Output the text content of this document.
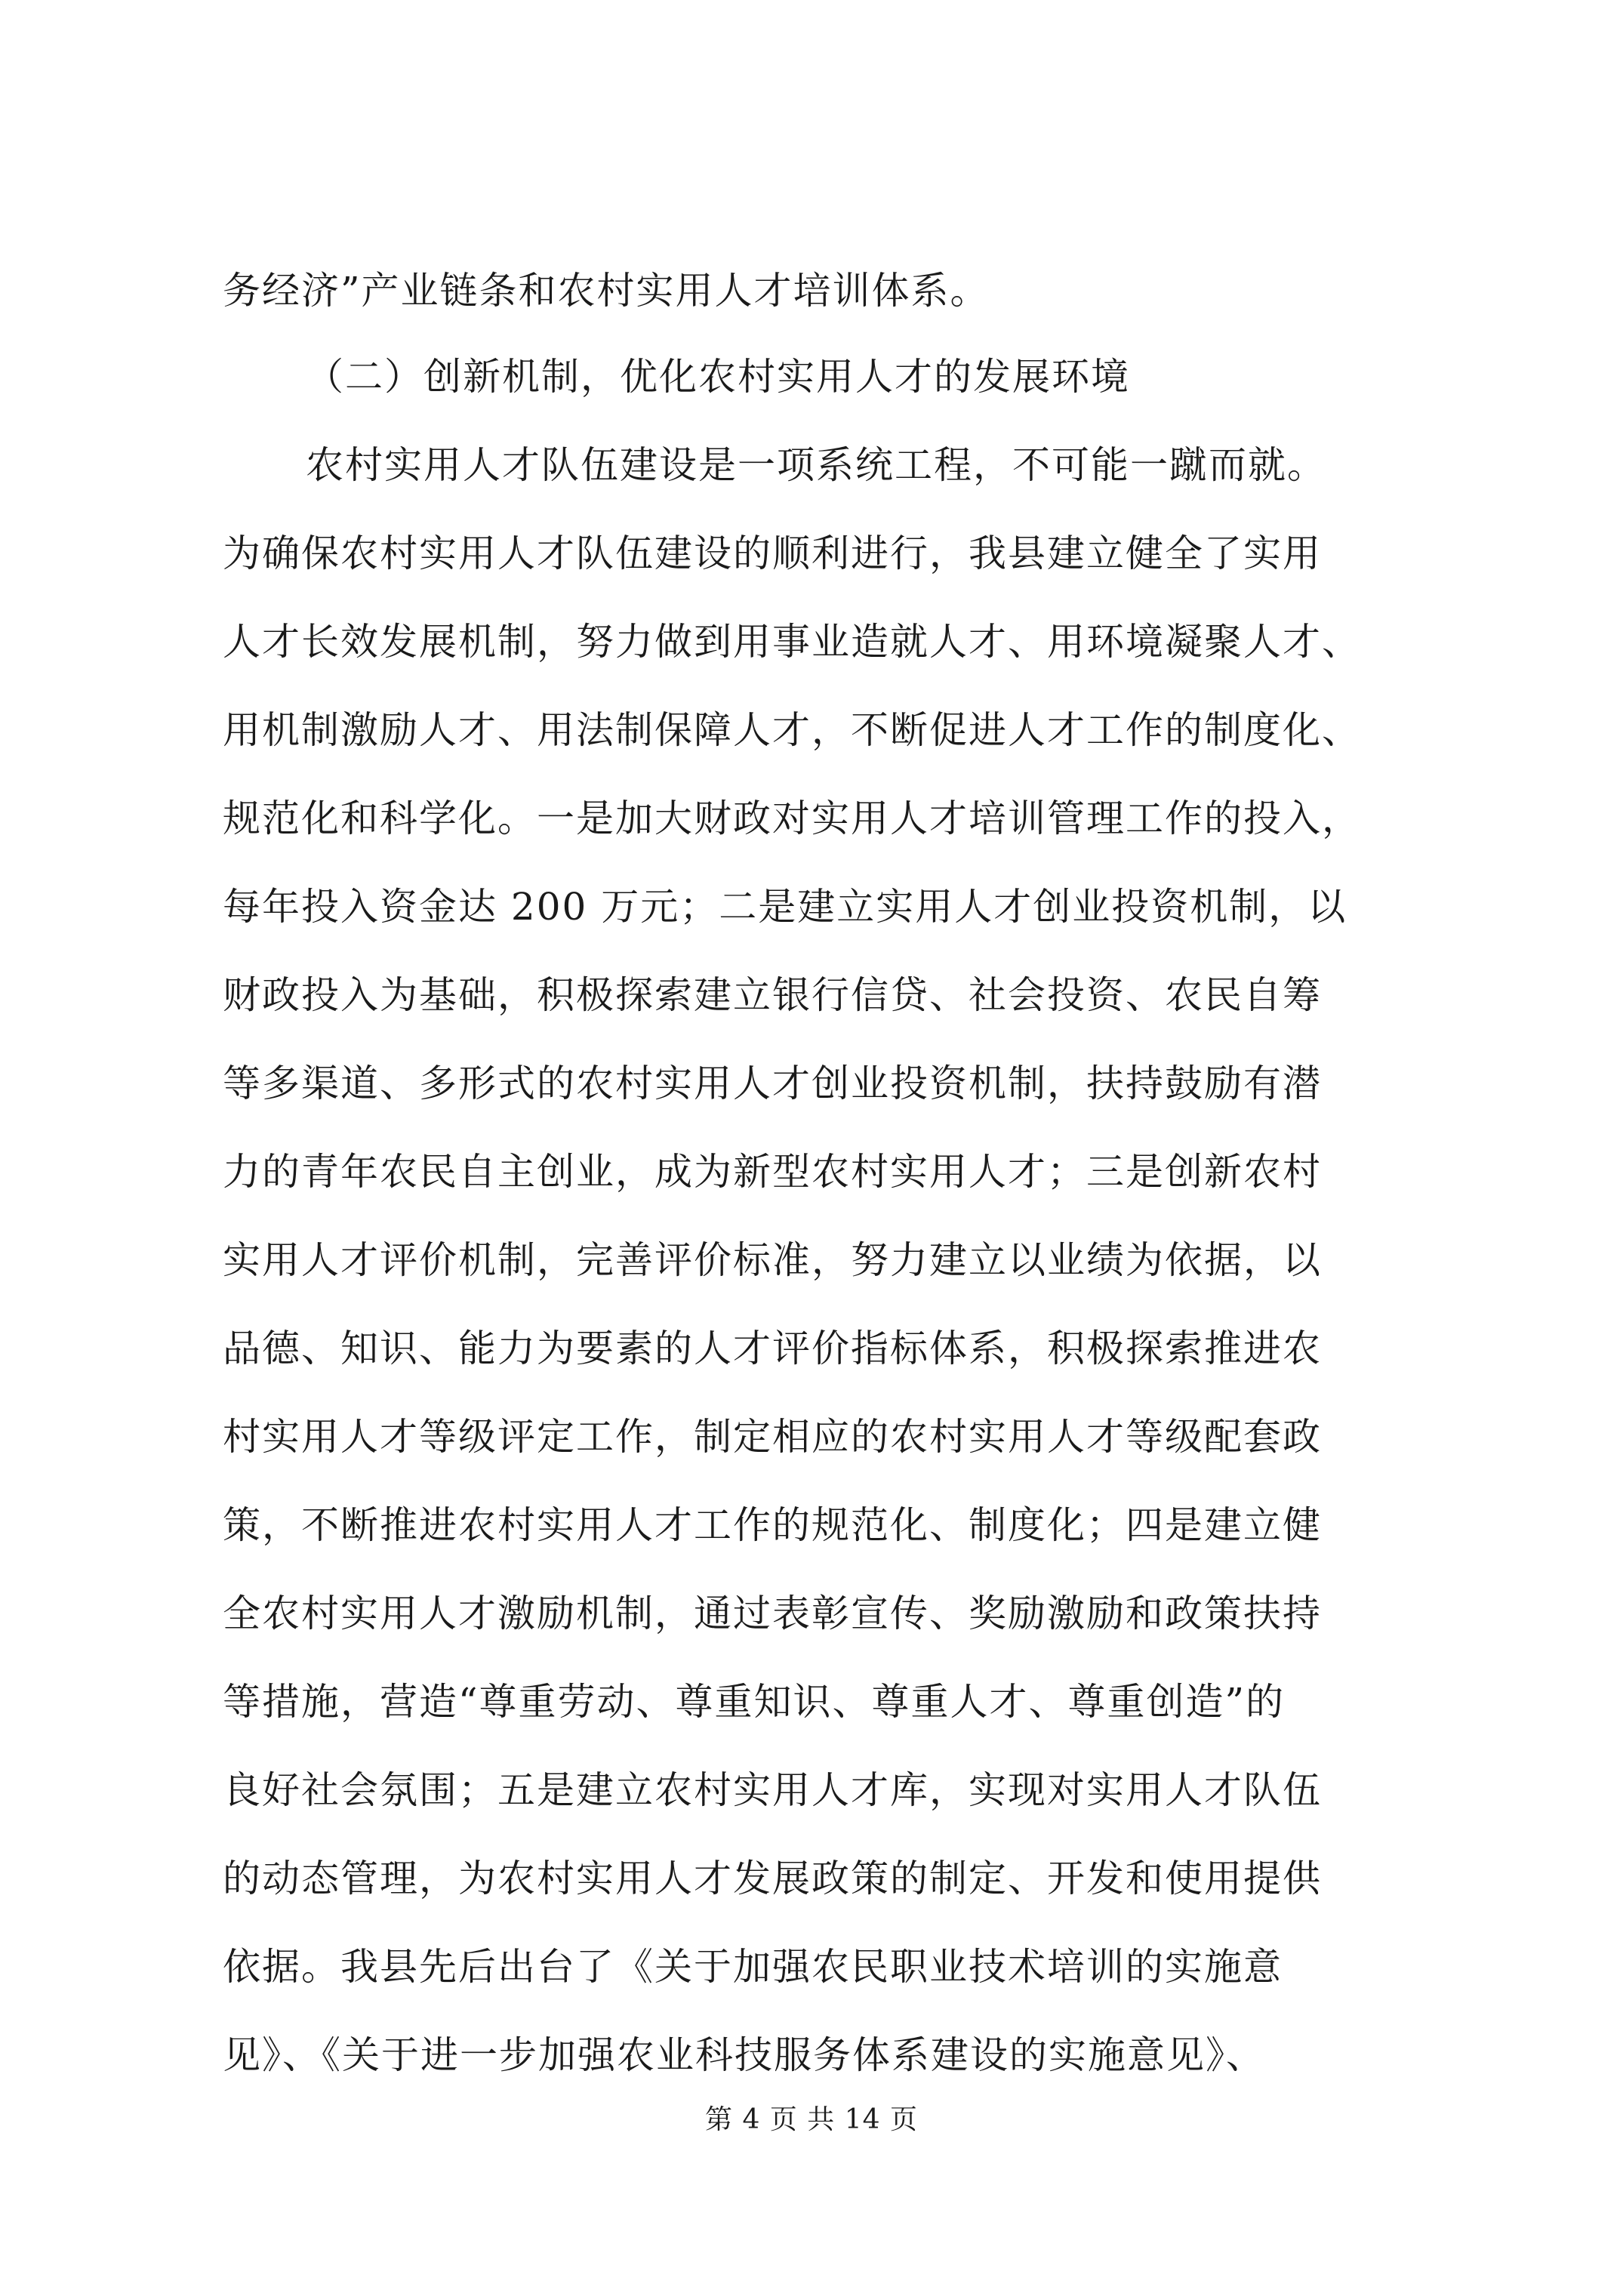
务经济”产业链条和农村实用人才培训体系。
（二）创新机制，优化农村实用人才的发展环境
农村实用人才队伍建设是一项系统工程，不可能一蹴而就。
为确保农村实用人才队伍建设的顺利进行，我县建立健全了实用
人才长效发展机制，努力做到用事业造就人才、用环境凝聚人才、
用机制激励人才、用法制保障人才，不断促进人才工作的制度化、
规范化和科学化。一是加大财政对实用人才培训管理工作的投入，
每年投入资金达 200 万元；二是建立实用人才创业投资机制，以
财政投入为基础，积极探索建立银行信贷、社会投资、农民自筹
等多渠道、多形式的农村实用人才创业投资机制，扶持鼓励有潜
力的青年农民自主创业，成为新型农村实用人才；三是创新农村
实用人才评价机制，完善评价标准，努力建立以业绩为依据，以
品德、知识、能力为要素的人才评价指标体系，积极探索推进农
村实用人才等级评定工作，制定相应的农村实用人才等级配套政
策，不断推进农村实用人才工作的规范化、制度化；四是建立健
全农村实用人才激励机制，通过表彰宣传、奖励激励和政策扶持
等措施，营造“尊重劳动、尊重知识、尊重人才、尊重创造”的
良好社会氛围；五是建立农村实用人才库，实现对实用人才队伍
的动态管理，为农村实用人才发展政策的制定、开发和使用提供
依据。我县先后出台了《关于加强农民职业技术培训的实施意
见》、《关于进一步加强农业科技服务体系建设的实施意见》、
第 4 页 共 14 页
